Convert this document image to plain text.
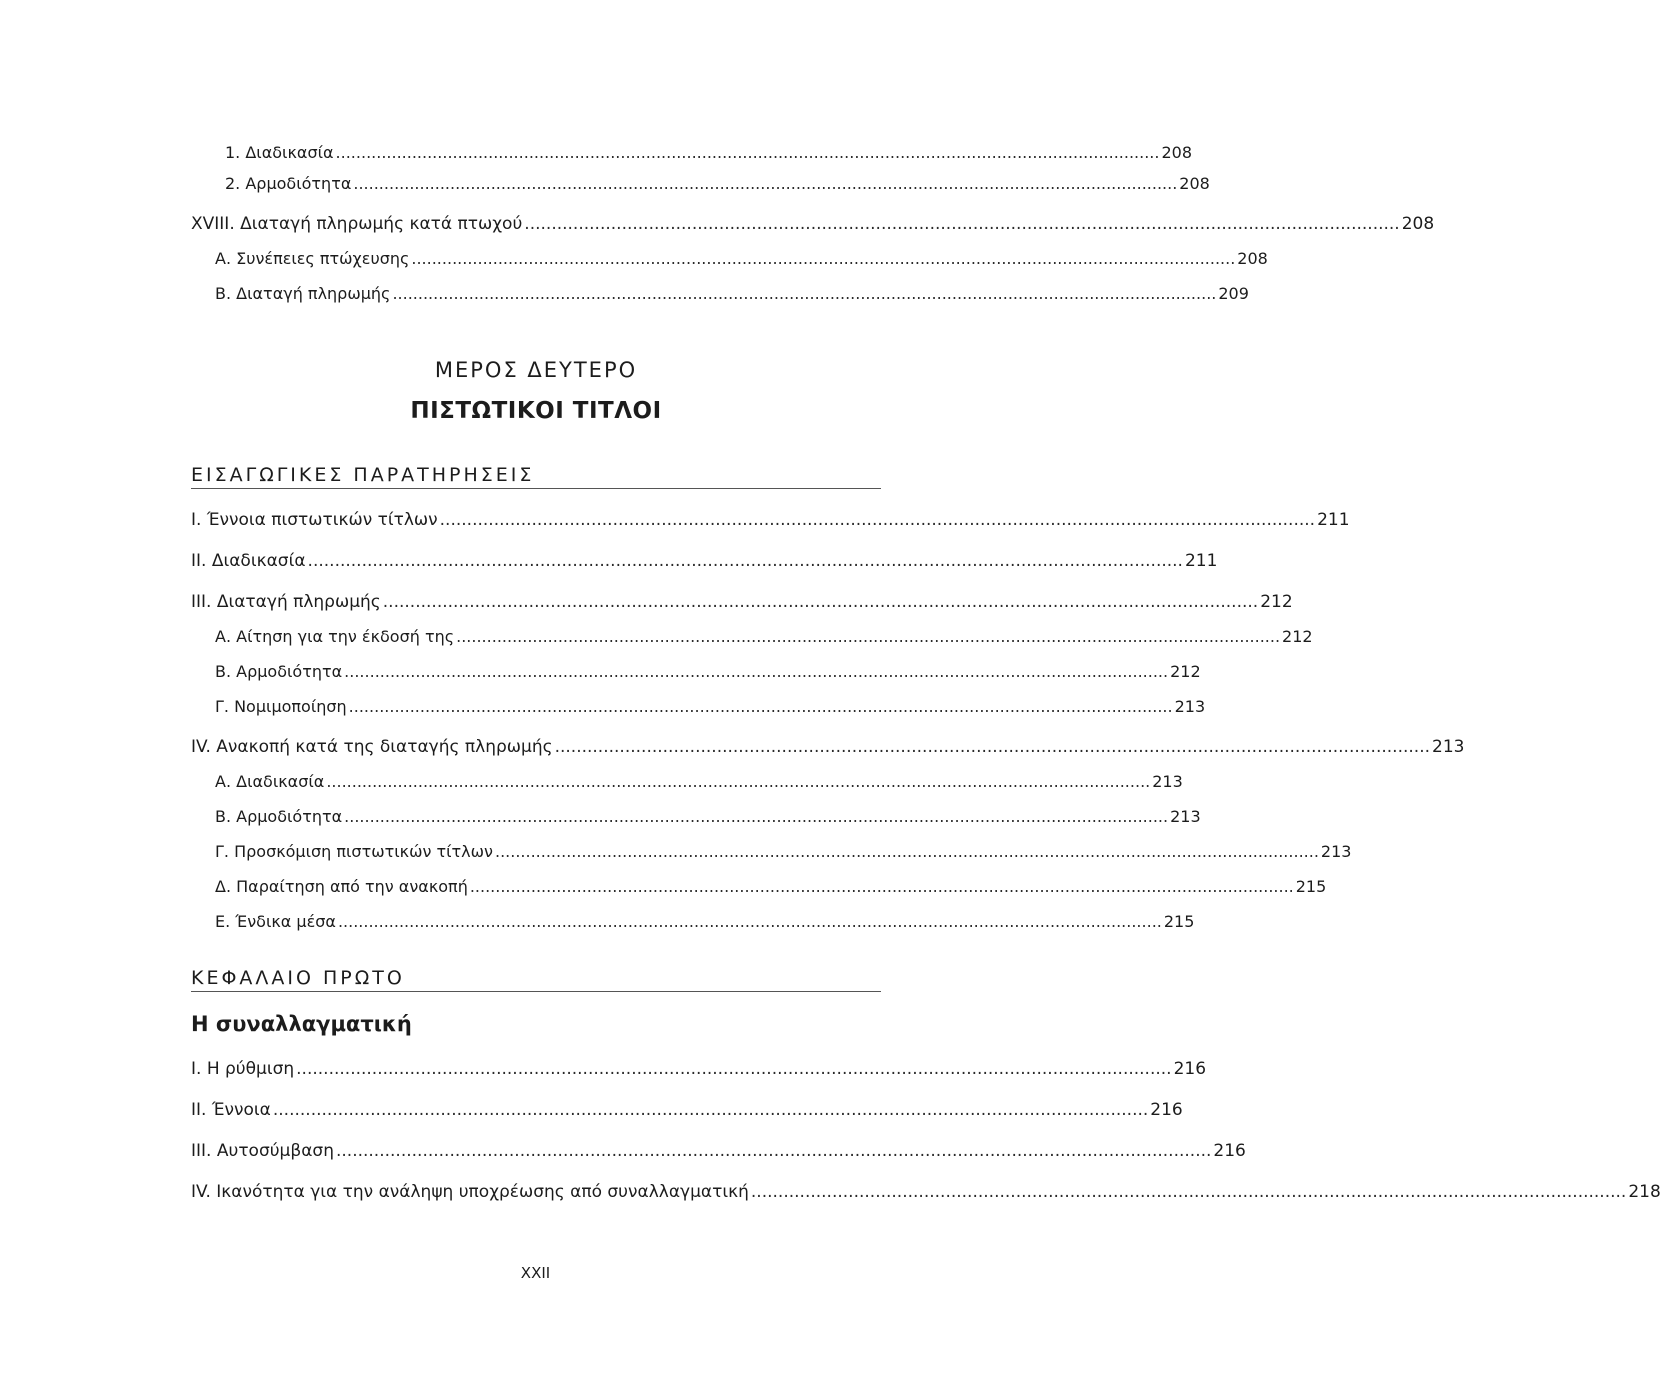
1. Διαδικασία .................................................................................................................................................................. 208
2. Αρμοδιότητα .................................................................................................................................................................. 208
XVIII. Διαταγή πληρωμής κατά πτωχού .................................................................................................................................................................. 208
Α. Συνέπειες πτώχευσης .................................................................................................................................................................. 208
Β. Διαταγή πληρωμής .................................................................................................................................................................. 209
ΜΕΡΟΣ ΔΕΥΤΕΡΟ
ΠΙΣΤΩΤΙΚΟΙ ΤΙΤΛΟΙ
ΕΙΣΑΓΩΓΙΚΕΣ ΠΑΡΑΤΗΡΗΣΕΙΣ
Ι. Έννοια πιστωτικών τίτλων .................................................................................................................................................................. 211
ΙΙ. Διαδικασία .................................................................................................................................................................. 211
ΙΙΙ. Διαταγή πληρωμής .................................................................................................................................................................. 212
Α. Αίτηση για την έκδοσή της .................................................................................................................................................................. 212
Β. Αρμοδιότητα .................................................................................................................................................................. 212
Γ. Νομιμοποίηση .................................................................................................................................................................. 213
IV. Ανακοπή κατά της διαταγής πληρωμής .................................................................................................................................................................. 213
Α. Διαδικασία .................................................................................................................................................................. 213
Β. Αρμοδιότητα .................................................................................................................................................................. 213
Γ. Προσκόμιση πιστωτικών τίτλων .................................................................................................................................................................. 213
Δ. Παραίτηση από την ανακοπή .................................................................................................................................................................. 215
Ε. Ένδικα μέσα .................................................................................................................................................................. 215
ΚΕΦΑΛΑΙΟ ΠΡΩΤΟ
Η συναλλαγματική
Ι. Η ρύθμιση .................................................................................................................................................................. 216
ΙΙ. Έννοια .................................................................................................................................................................. 216
ΙΙΙ. Αυτοσύμβαση .................................................................................................................................................................. 216
IV. Ικανότητα για την ανάληψη υποχρέωσης από συναλλαγματική .................................................................................................................................................................. 218
XXII
